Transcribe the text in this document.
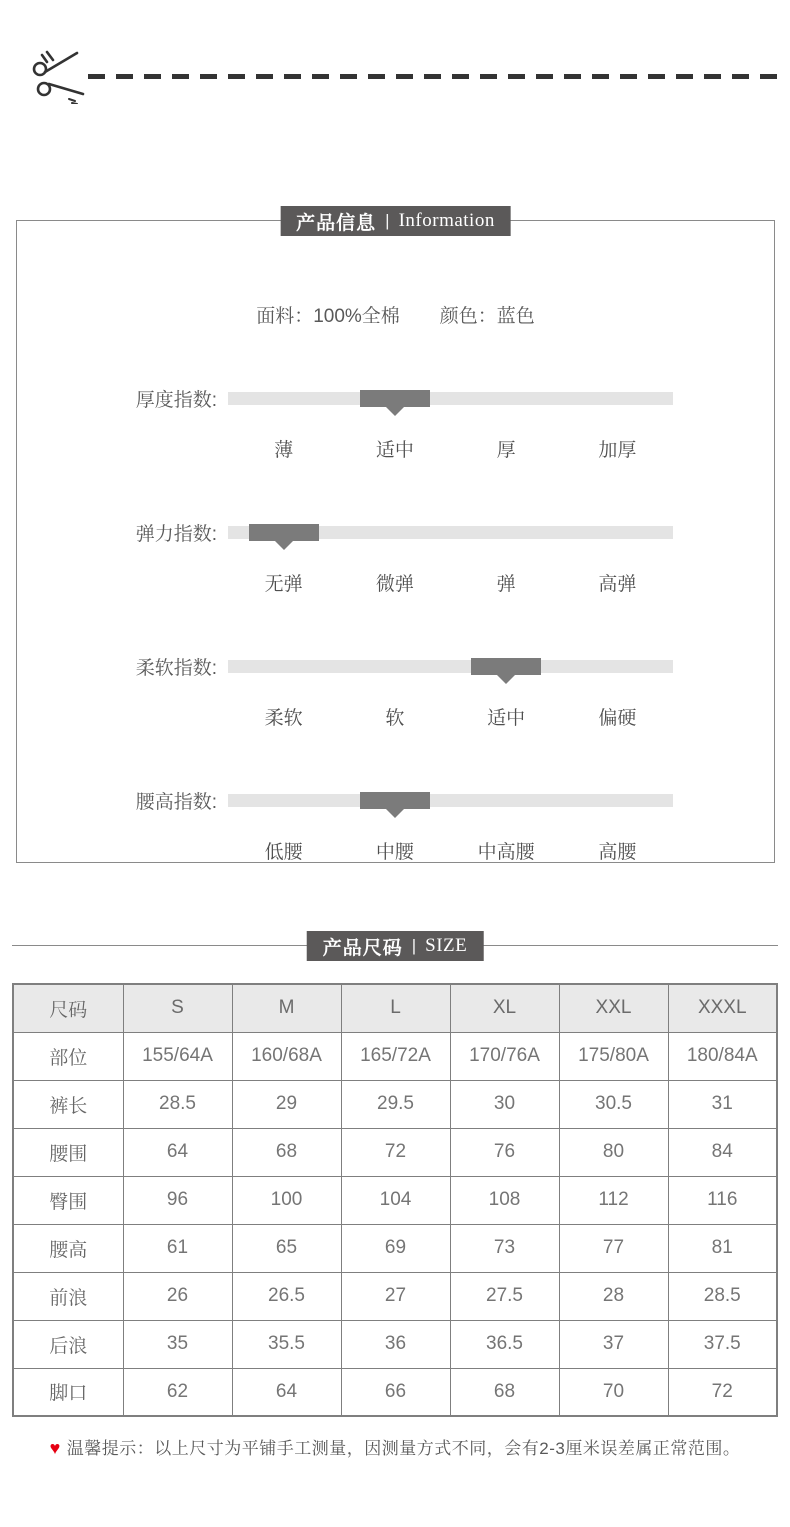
产品信息 | Information
面料：100%全棉 颜色：蓝色
厚度指数:
薄	适中	厚	加厚
弹力指数:
无弹	微弹	弹	高弹
柔软指数:
柔软	软	适中	偏硬
腰高指数:
低腰	中腰	中高腰	高腰
产品尺码 | SIZE
尺码	S	M	L	XL	XXL	XXXL
部位	155/64A	160/68A	165/72A	170/76A	175/80A	180/84A
裤长	28.5	29	29.5	30	30.5	31
腰围	64	68	72	76	80	84
臀围	96	100	104	108	112	116
腰高	61	65	69	73	77	81
前浪	26	26.5	27	27.5	28	28.5
后浪	35	35.5	36	36.5	37	37.5
脚口	62	64	66	68	70	72
♥ 温馨提示：以上尺寸为平铺手工测量，因测量方式不同，会有2-3厘米误差属正常范围。
